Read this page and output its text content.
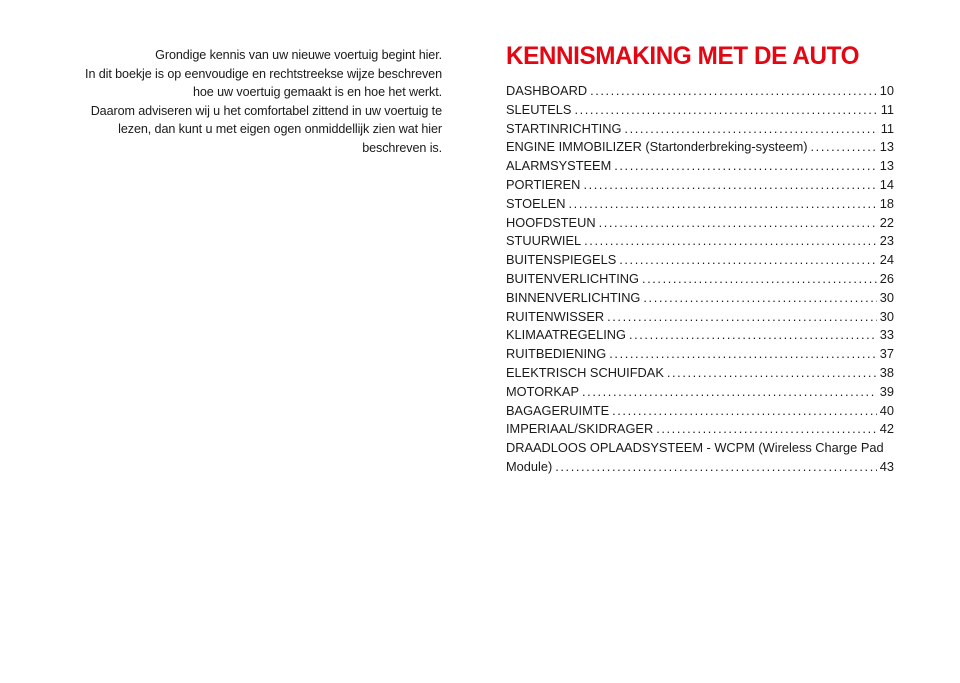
Grondige kennis van uw nieuwe voertuig begint hier.

In dit boekje is op eenvoudige en rechtstreekse wijze beschreven hoe uw voertuig gemaakt is en hoe het werkt.

Daarom adviseren wij u het comfortabel zittend in uw voertuig te lezen, dan kunt u met eigen ogen onmiddellijk zien wat hier beschreven is.

KENNISMAKING MET DE AUTO
DASHBOARD .....	10
SLEUTELS .....	11
STARTINRICHTING .....	11
ENGINE IMMOBILIZER (Startonderbreking-systeem) .....	13
ALARMSYSTEEM .....	13
PORTIEREN .....	14
STOELEN .....	18
HOOFDSTEUN .....	22
STUURWIEL .....	23
BUITENSPIEGELS .....	24
BUITENVERLICHTING .....	26
BINNENVERLICHTING .....	30
RUITENWISSER .....	30
KLIMAATREGELING .....	33
RUITBEDIENING .....	37
ELEKTRISCH SCHUIFDAK .....	38
MOTORKAP .....	39
BAGAGERUIMTE .....	40
IMPERIAAL/SKIDRAGER .....	42
DRAADLOOS OPLAADSYSTEEM - WCPM (Wireless Charge Pad
Module) .....	43
